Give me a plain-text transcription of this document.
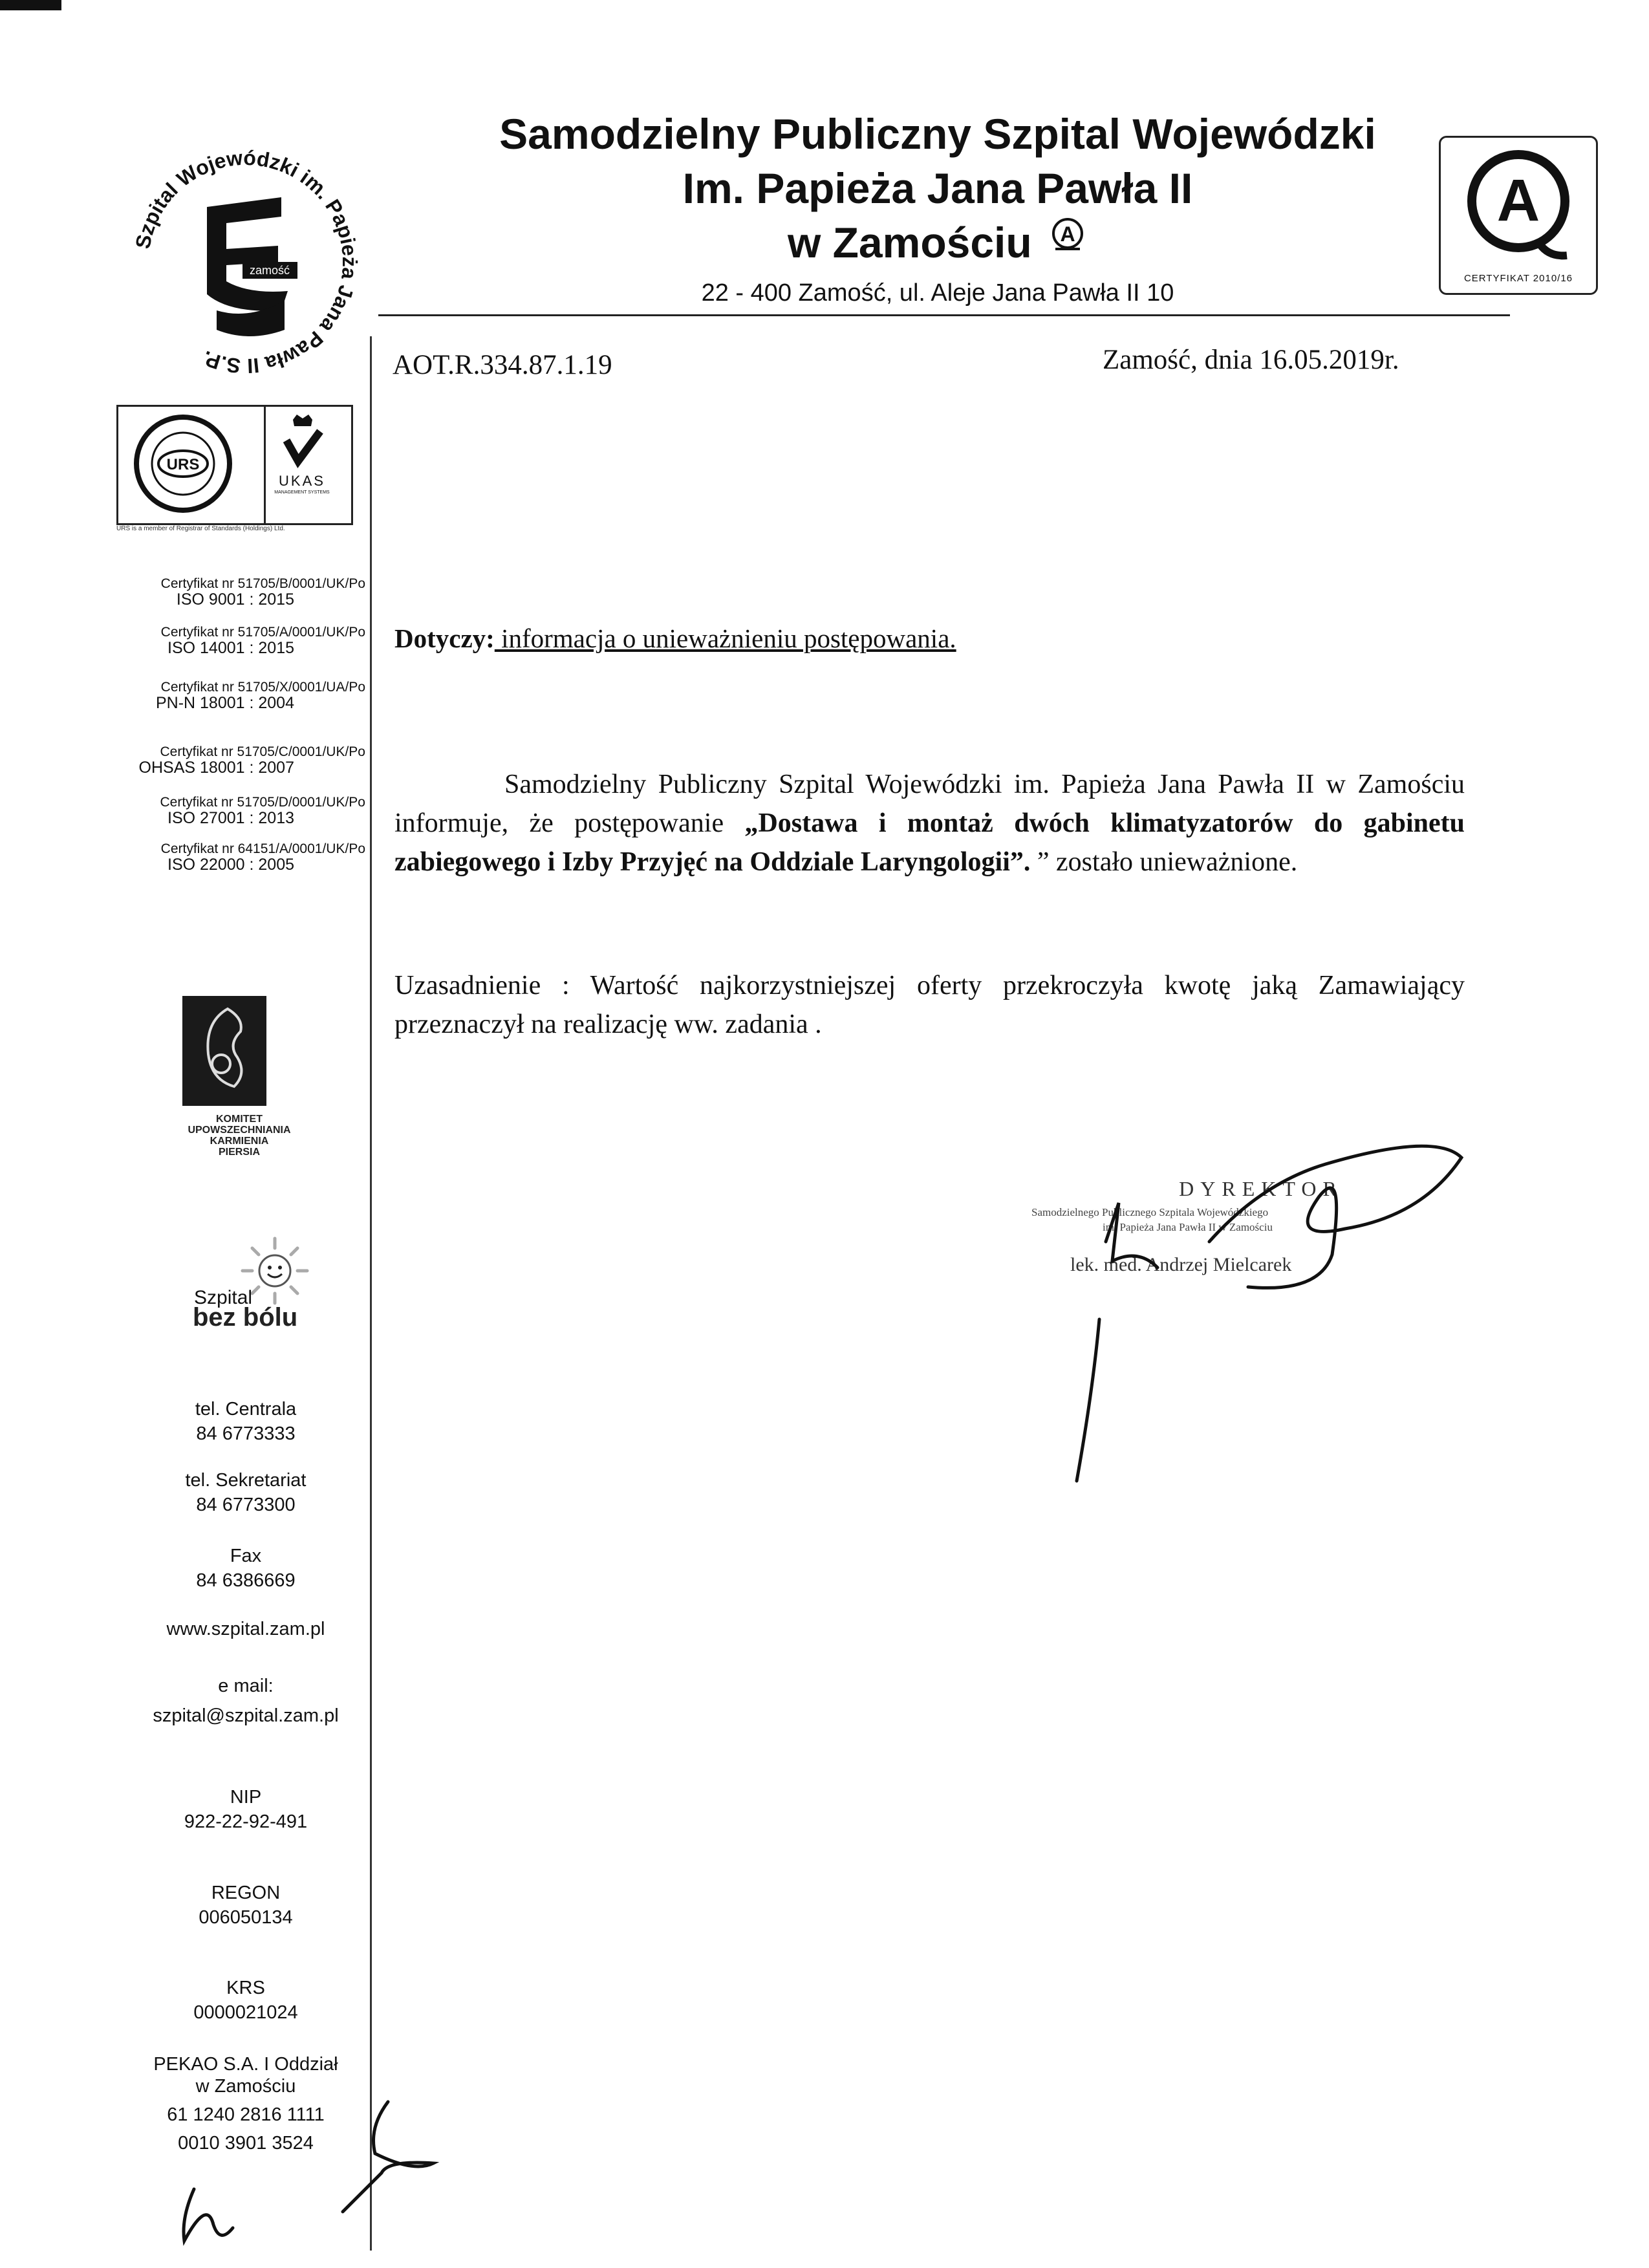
Szpital Wojewódzki im. Papieża Jana Pawła II S.P.
zamość
Samodzielny Publiczny Szpital Wojewódzki
Im. Papieża Jana Pawła II
w Zamościu A
22 - 400 Zamość, ul. Aleje Jana Pawła II 10
A
CERTYFIKAT 2010/16
URS
UKAS
MANAGEMENT SYSTEMS
URS is a member of Registrar of Standards (Holdings) Ltd.
Certyfikat nr 51705/B/0001/UK/Po
ISO 9001 : 2015
Certyfikat nr 51705/A/0001/UK/Po
ISO 14001 : 2015
Certyfikat nr 51705/X/0001/UA/Po
PN-N 18001 : 2004
Certyfikat nr 51705/C/0001/UK/Po
OHSAS 18001 : 2007
Certyfikat nr 51705/D/0001/UK/Po
ISO 27001 : 2013
Certyfikat nr 64151/A/0001/UK/Po
ISO 22000 : 2005
KOMITET
UPOWSZECHNIANIA
KARMIENIA
PIERSIA
Szpital
bez bólu
tel. Centrala
84 6773333
tel. Sekretariat
84 6773300
Fax
84 6386669
www.szpital.zam.pl
e mail:
szpital@szpital.zam.pl
NIP
922-22-92-491
REGON
006050134
KRS
0000021024
PEKAO S.A. I Oddział
w Zamościu
61 1240 2816 1111
0010 3901 3524
AOT.R.334.87.1.19	Zamość, dnia 16.05.2019r.
Dotyczy: informacja o unieważnieniu postępowania.
Samodzielny Publiczny Szpital Wojewódzki im. Papieża Jana Pawła II w Zamościu informuje, że postępowanie „Dostawa i montaż dwóch klimatyzatorów do gabinetu zabiegowego i Izby Przyjęć na Oddziale Laryngologii”. ” zostało unieważnione.
Uzasadnienie : Wartość najkorzystniejszej oferty przekroczyła kwotę jaką Zamawiający przeznaczył na realizację ww. zadania .
DYREKTOR
Samodzielnego Publicznego Szpitala Wojewódzkiego
im. Papieża Jana Pawła II w Zamościu
lek. med. Andrzej Mielcarek
